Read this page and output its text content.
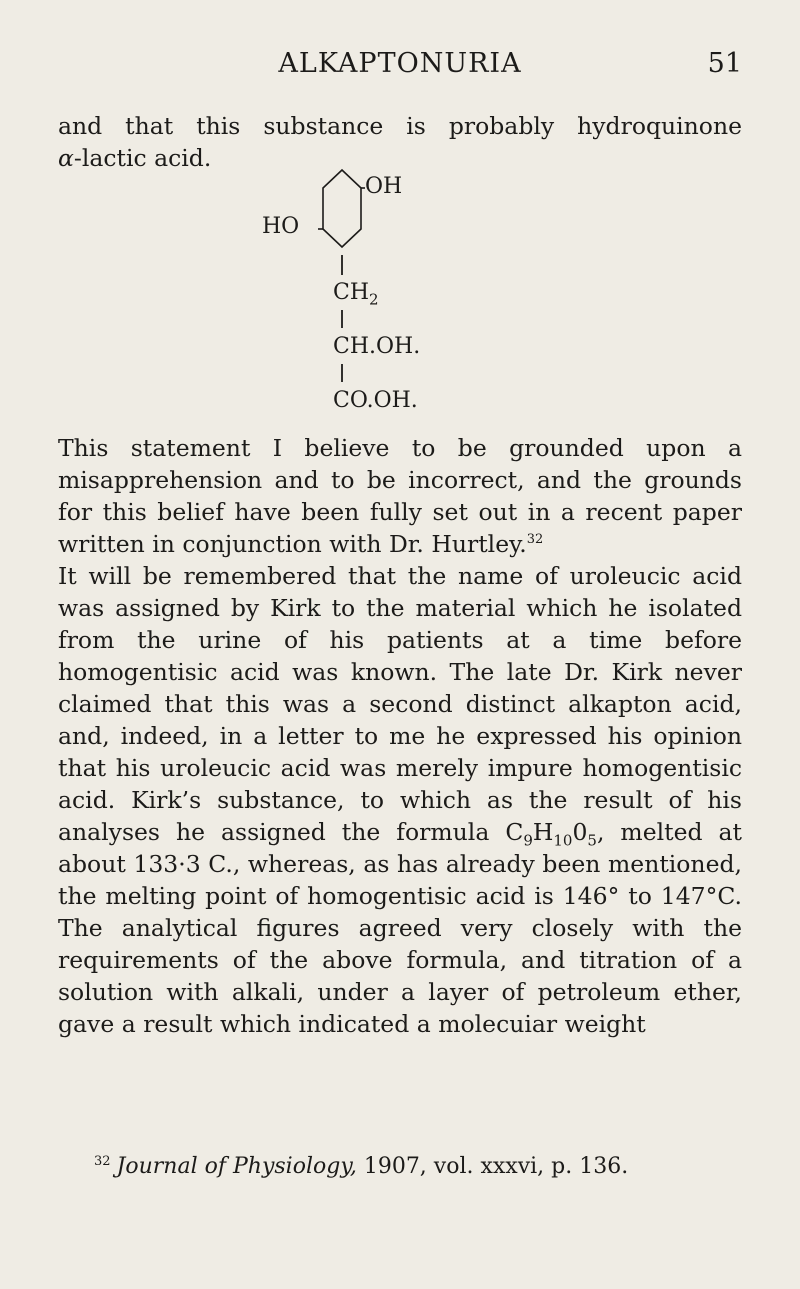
ALKAPTONURIA	51

and that this substance is probably hydroquinone

α-lactic acid.

OH
HO
$CH_2$
CH.OH.
CO.OH.

This statement I believe to be grounded upon a misapprehension and to be incorrect, and the grounds for this belief have been fully set out in a recent paper written in conjunction with Dr. Hurtley.$^{32}$

It will be remembered that the name of uroleucic acid was assigned by Kirk to the material which he isolated from the urine of his patients at a time before homogentisic acid was known. The late Dr. Kirk never claimed that this was a second distinct alkapton acid, and, indeed, in a letter to me he expressed his opinion that his uroleucic acid was merely impure homogentisic acid. Kirk’s substance, to which as the result of his analyses he assigned the formula $C_9H_{10}0_5$, melted at about 133·3 C., whereas, as has already been mentioned, the melting point of homogentisic acid is 146° to 147°C. The analytical figures agreed very closely with the requirements of the above formula, and titration of a solution with alkali, under a layer of petroleum ether, gave a result which indicated a molecuiar weight

$^{32}$ Journal of Physiology, 1907, vol. xxxvi, p. 136.
